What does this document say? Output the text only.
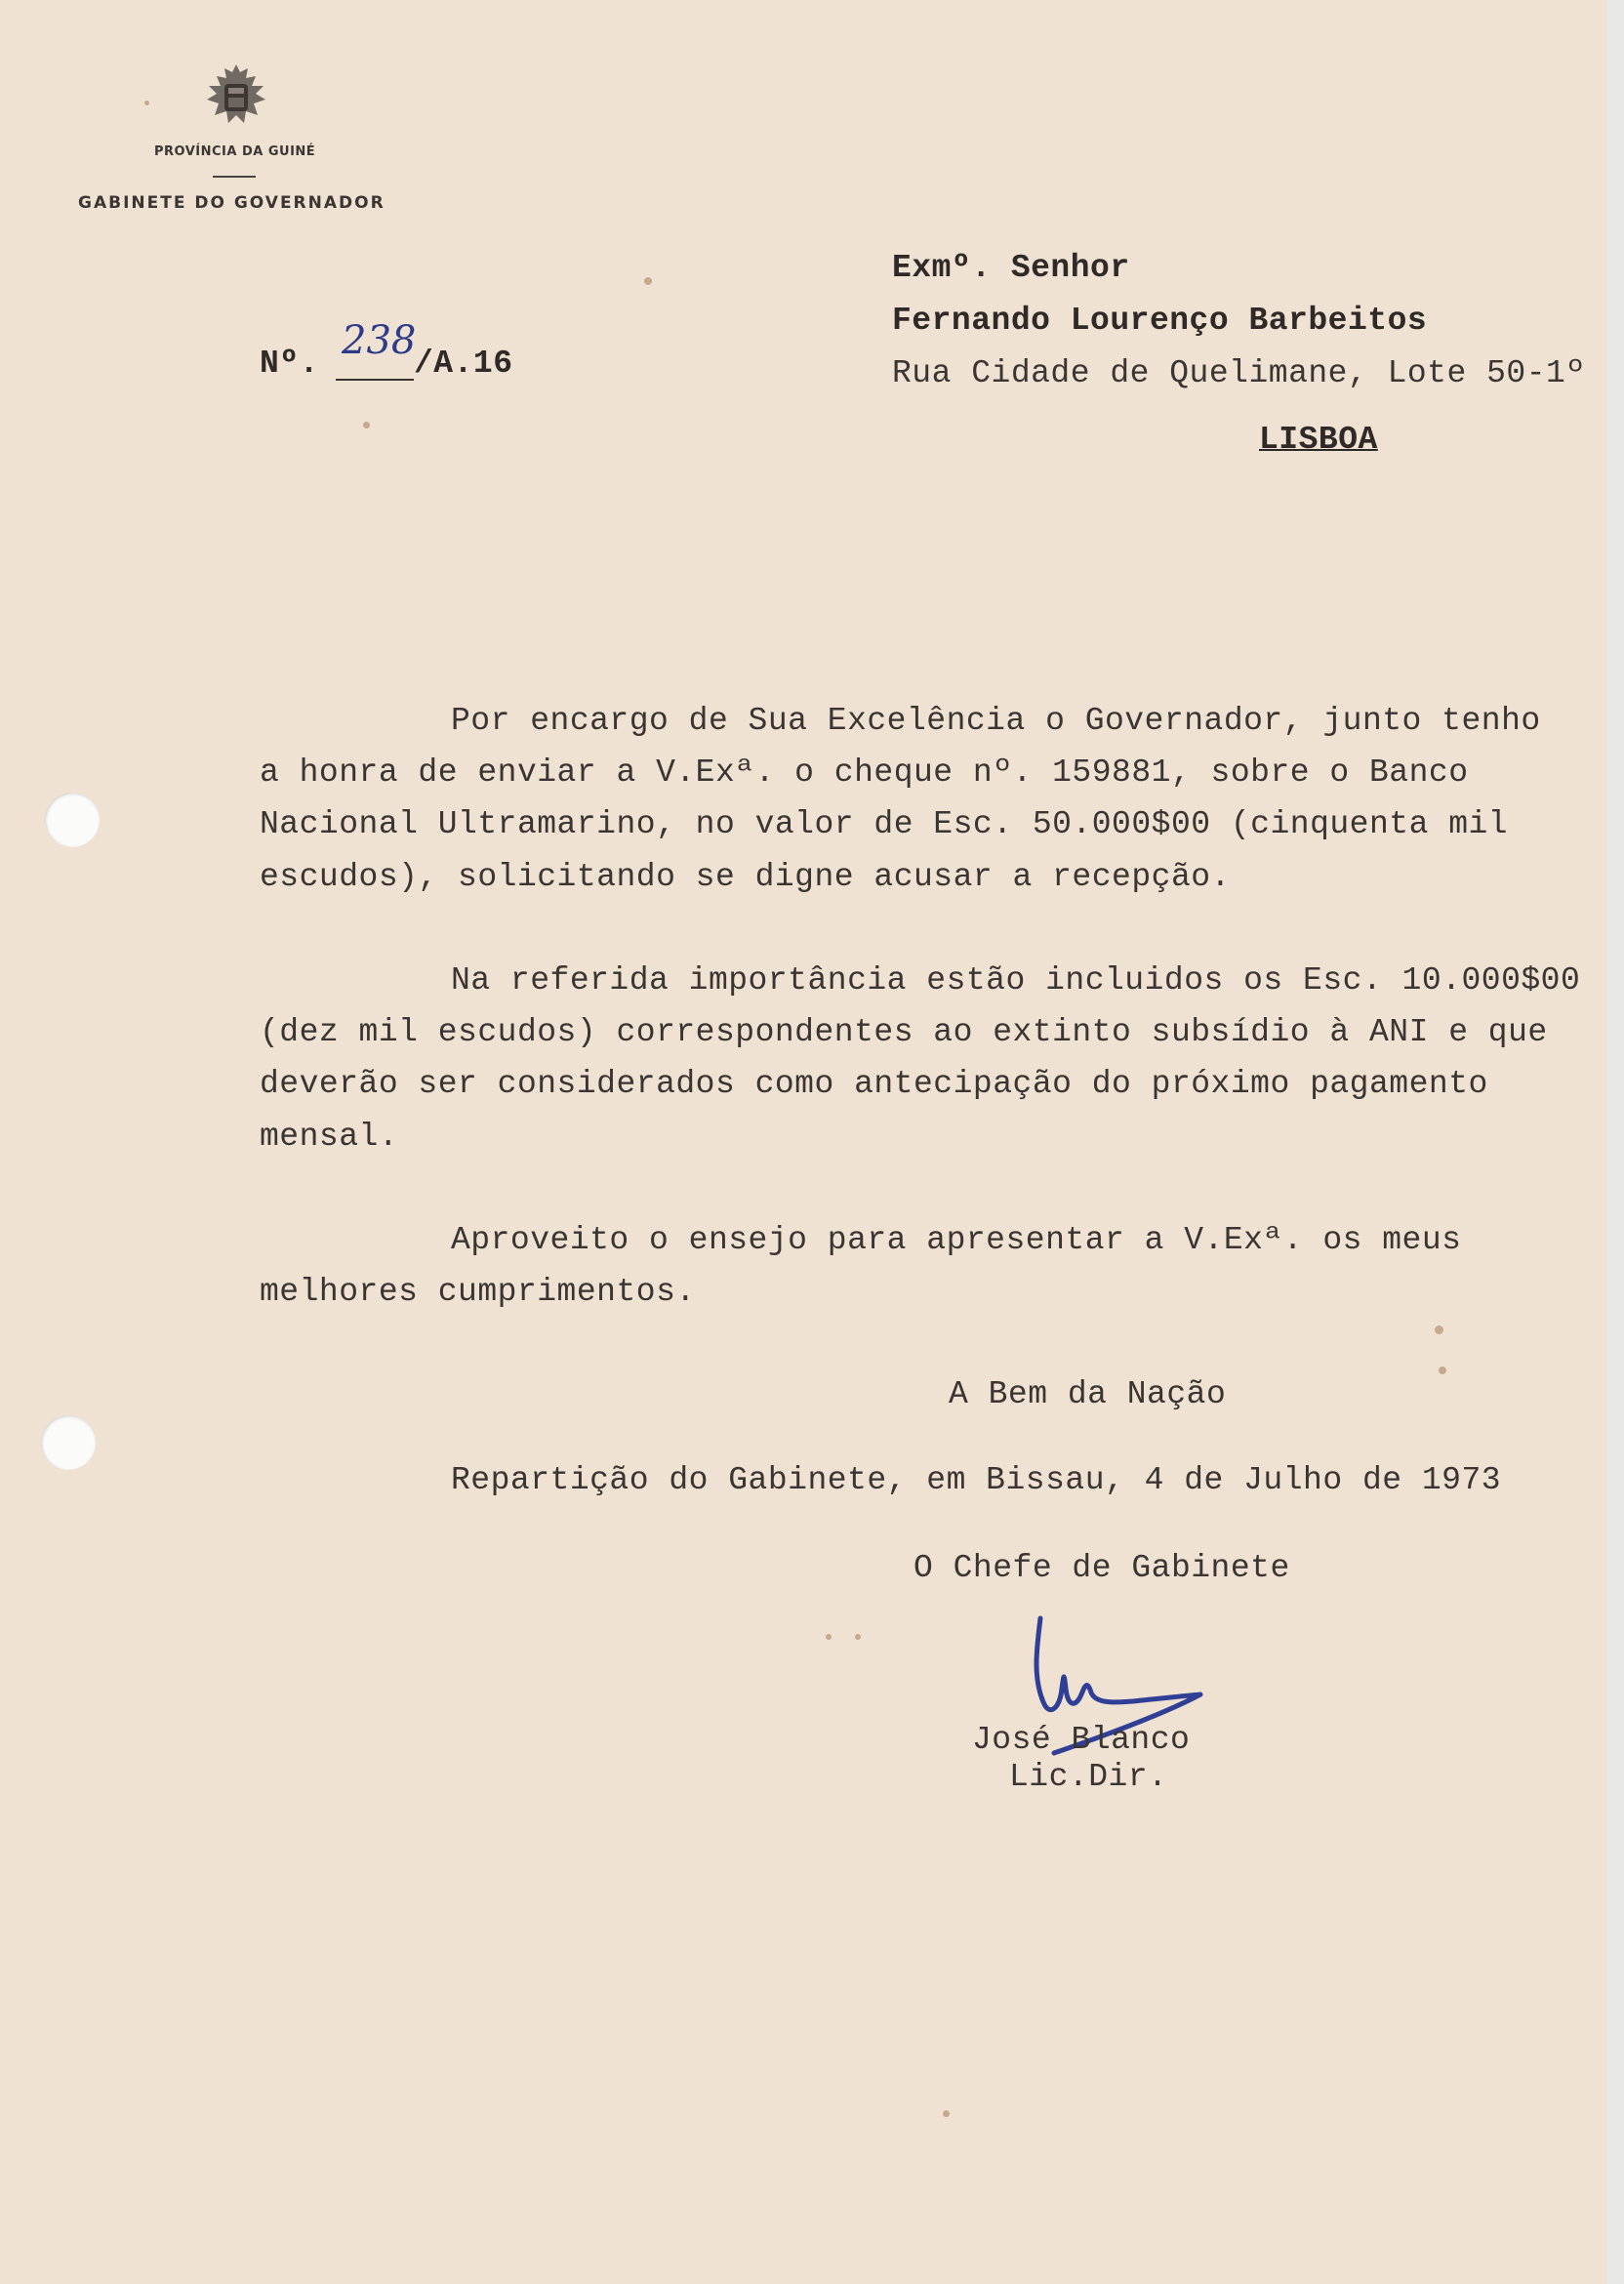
PROVÍNCIA DA GUINÉ
GABINETE DO GOVERNADOR
Nº.
238
/A.16
Exmº. Senhor
Fernando Lourenço Barbeitos
Rua Cidade de Quelimane, Lote 50-1º
LISBOA
Por encargo de Sua Excelência o Governador, junto tenho
a honra de enviar a V.Exª. o cheque nº. 159881, sobre o Banco
Nacional Ultramarino, no valor de Esc. 50.000$00 (cinquenta mil
escudos), solicitando se digne acusar a recepção.
Na referida importância estão incluidos os Esc. 10.000$00
(dez mil escudos) correspondentes ao extinto subsídio à ANI e que
deverão ser considerados como antecipação do próximo pagamento
mensal.
Aproveito o ensejo para apresentar a V.Exª. os meus
melhores cumprimentos.
A Bem da Nação
Repartição do Gabinete, em Bissau, 4 de Julho de 1973
O Chefe de Gabinete
José Blanco
Lic.Dir.
